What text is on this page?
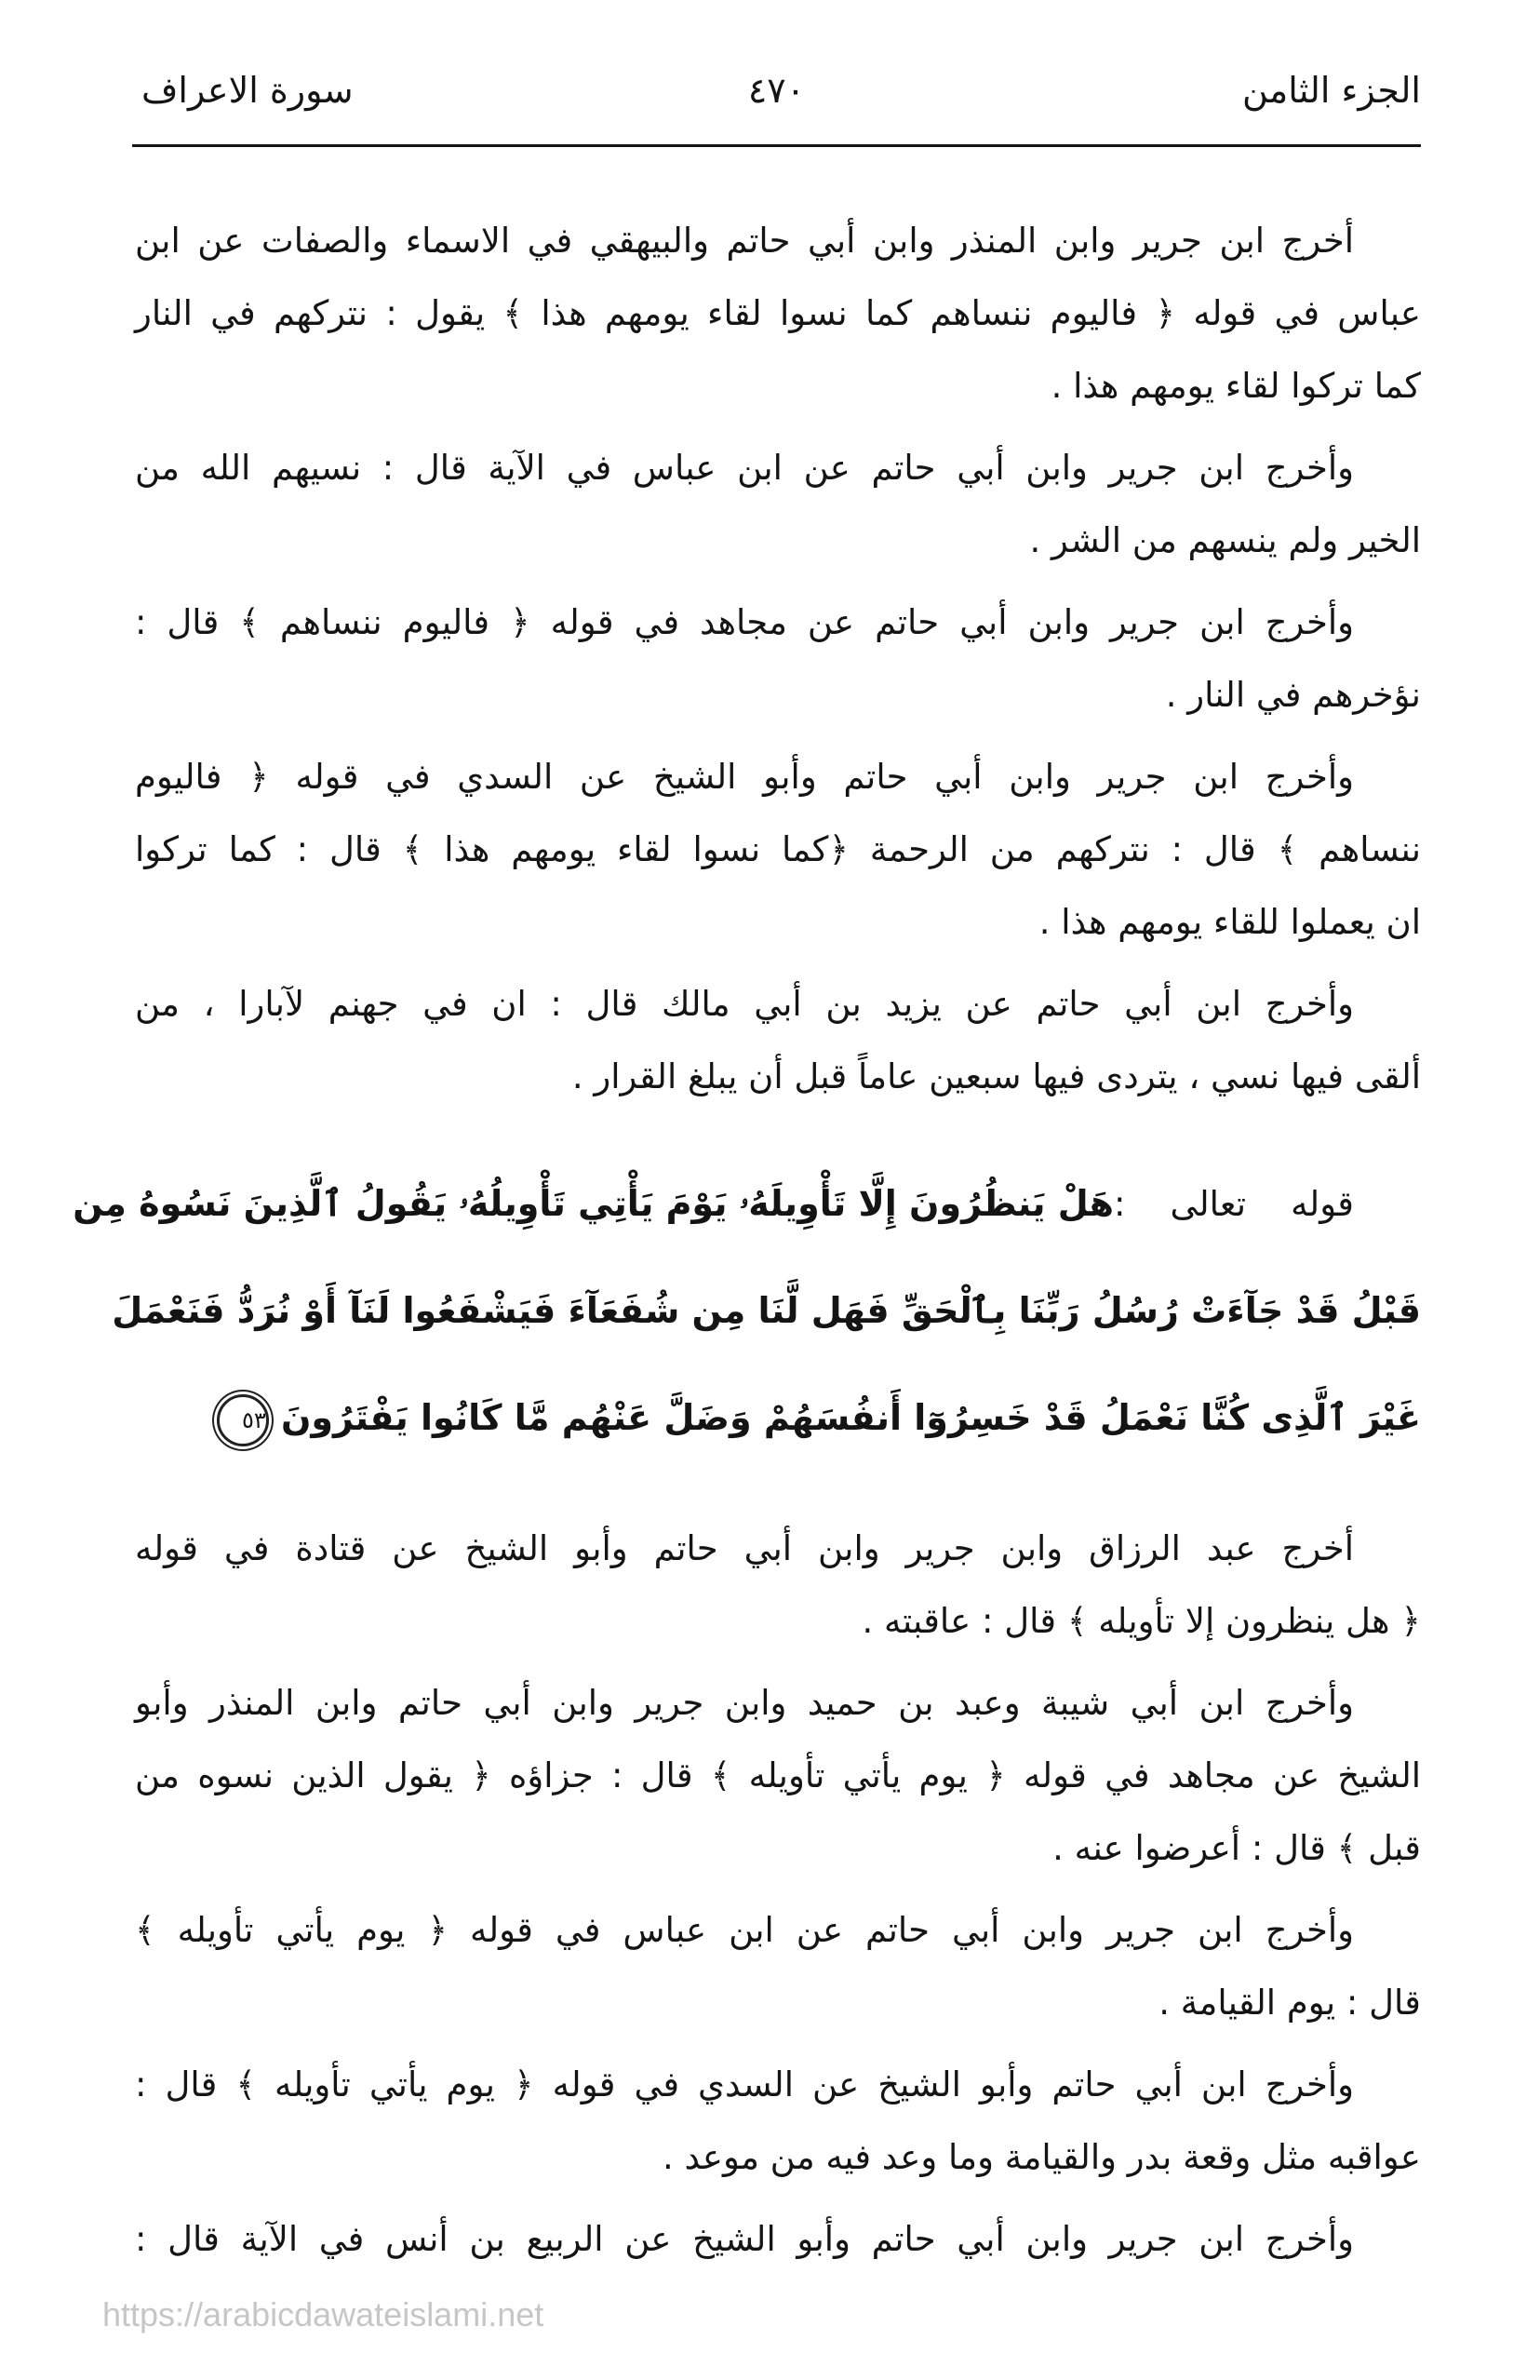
الجزء الثامن
٤٧٠
سورة الاعراف
أخرج ابن جرير وابن المنذر وابن أبي حاتم والبيهقي في الاسماء والصفات عن ابن
عباس في قوله ﴿ فاليوم ننساهم كما نسوا لقاء يومهم هذا ﴾ يقول : نتركهم في النار
كما تركوا لقاء يومهم هذا .
وأخرج ابن جرير وابن أبي حاتم عن ابن عباس في الآية قال : نسيهم الله من
الخير ولم ينسهم من الشر .
وأخرج ابن جرير وابن أبي حاتم عن مجاهد في قوله ﴿ فاليوم ننساهم ﴾ قال :
نؤخرهم في النار .
وأخرج ابن جرير وابن أبي حاتم وأبو الشيخ عن السدي في قوله ﴿ فاليوم
ننساهم ﴾ قال : نتركهم من الرحمة ﴿كما نسوا لقاء يومهم هذا ﴾ قال : كما تركوا
ان يعملوا للقاء يومهم هذا .
وأخرج ابن أبي حاتم عن يزيد بن أبي مالك قال : ان في جهنم لآبارا ، من
ألقى فيها نسي ، يتردى فيها سبعين عاماً قبل أن يبلغ القرار .
قوله تعالى :
هَلْ يَنظُرُونَ إِلَّا تَأْوِيلَهُۥ يَوْمَ يَأْتِي تَأْوِيلُهُۥ يَقُولُ ٱلَّذِينَ نَسُوهُ مِن
قَبْلُ قَدْ جَآءَتْ رُسُلُ رَبِّنَا بِٱلْحَقِّ فَهَل لَّنَا مِن شُفَعَآءَ فَيَشْفَعُوا لَنَآ أَوْ نُرَدُّ فَنَعْمَلَ
غَيْرَ ٱلَّذِى كُنَّا نَعْمَلُ قَدْ خَسِرُوٓا أَنفُسَهُمْ وَضَلَّ عَنْهُم مَّا كَانُوا يَفْتَرُونَ ٥٣
أخرج عبد الرزاق وابن جرير وابن أبي حاتم وأبو الشيخ عن قتادة في قوله
﴿ هل ينظرون إلا تأويله ﴾ قال : عاقبته .
وأخرج ابن أبي شيبة وعبد بن حميد وابن جرير وابن أبي حاتم وابن المنذر وأبو
الشيخ عن مجاهد في قوله ﴿ يوم يأتي تأويله ﴾ قال : جزاؤه ﴿ يقول الذين نسوه من
قبل ﴾ قال : أعرضوا عنه .
وأخرج ابن جرير وابن أبي حاتم عن ابن عباس في قوله ﴿ يوم يأتي تأويله ﴾
قال : يوم القيامة .
وأخرج ابن أبي حاتم وأبو الشيخ عن السدي في قوله ﴿ يوم يأتي تأويله ﴾ قال :
عواقبه مثل وقعة بدر والقيامة وما وعد فيه من موعد .
وأخرج ابن جرير وابن أبي حاتم وأبو الشيخ عن الربيع بن أنس في الآية قال :
https://arabicdawateislami.net
